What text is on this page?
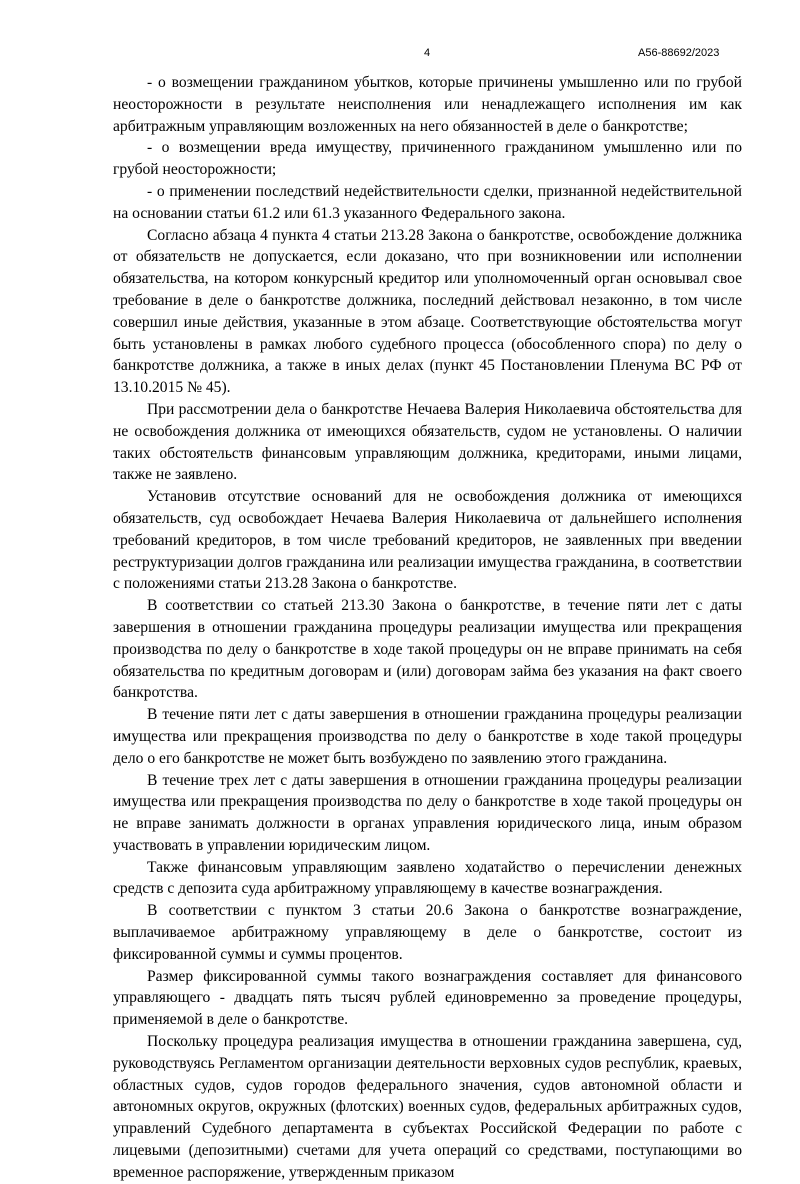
4	А56-88692/2023

- о возмещении гражданином убытков, которые причинены умышленно или по грубой неосторожности в результате неисполнения или ненадлежащего исполнения им как арбитражным управляющим возложенных на него обязанностей в деле о банкротстве;

- о возмещении вреда имуществу, причиненного гражданином умышленно или по грубой неосторожности;

- о применении последствий недействительности сделки, признанной недействительной на основании статьи 61.2 или 61.3 указанного Федерального закона.

Согласно абзаца 4 пункта 4 статьи 213.28 Закона о банкротстве, освобождение должника от обязательств не допускается, если доказано, что при возникновении или исполнении обязательства, на котором конкурсный кредитор или уполномоченный орган основывал свое требование в деле о банкротстве должника, последний действовал незаконно, в том числе совершил иные действия, указанные в этом абзаце. Соответствующие обстоятельства могут быть установлены в рамках любого судебного процесса (обособленного спора) по делу о банкротстве должника, а также в иных делах (пункт 45 Постановлении Пленума ВС РФ от 13.10.2015 № 45).

При рассмотрении дела о банкротстве Нечаева Валерия Николаевича обстоятельства для не освобождения должника от имеющихся обязательств, судом не установлены. О наличии таких обстоятельств финансовым управляющим должника, кредиторами, иными лицами, также не заявлено.

Установив отсутствие оснований для не освобождения должника от имеющихся обязательств, суд освобождает Нечаева Валерия Николаевича от дальнейшего исполнения требований кредиторов, в том числе требований кредиторов, не заявленных при введении реструктуризации долгов гражданина или реализации имущества гражданина, в соответствии с положениями статьи 213.28 Закона о банкротстве.

В соответствии со статьей 213.30 Закона о банкротстве, в течение пяти лет с даты завершения в отношении гражданина процедуры реализации имущества или прекращения производства по делу о банкротстве в ходе такой процедуры он не вправе принимать на себя обязательства по кредитным договорам и (или) договорам займа без указания на факт своего банкротства.

В течение пяти лет с даты завершения в отношении гражданина процедуры реализации имущества или прекращения производства по делу о банкротстве в ходе такой процедуры дело о его банкротстве не может быть возбуждено по заявлению этого гражданина.

В течение трех лет с даты завершения в отношении гражданина процедуры реализации имущества или прекращения производства по делу о банкротстве в ходе такой процедуры он не вправе занимать должности в органах управления юридического лица, иным образом участвовать в управлении юридическим лицом.

Также финансовым управляющим заявлено ходатайство о перечислении денежных средств с депозита суда арбитражному управляющему в качестве вознаграждения.

В соответствии с пунктом 3 статьи 20.6 Закона о банкротстве вознаграждение, выплачиваемое арбитражному управляющему в деле о банкротстве, состоит из фиксированной суммы и суммы процентов.

Размер фиксированной суммы такого вознаграждения составляет для финансового управляющего - двадцать пять тысяч рублей единовременно за проведение процедуры, применяемой в деле о банкротстве.

Поскольку процедура реализация имущества в отношении гражданина завершена, суд, руководствуясь Регламентом организации деятельности верховных судов республик, краевых, областных судов, судов городов федерального значения, судов автономной области и автономных округов, окружных (флотских) военных судов, федеральных арбитражных судов, управлений Судебного департамента в субъектах Российской Федерации по работе с лицевыми (депозитными) счетами для учета операций со средствами, поступающими во временное распоряжение, утвержденным приказом
